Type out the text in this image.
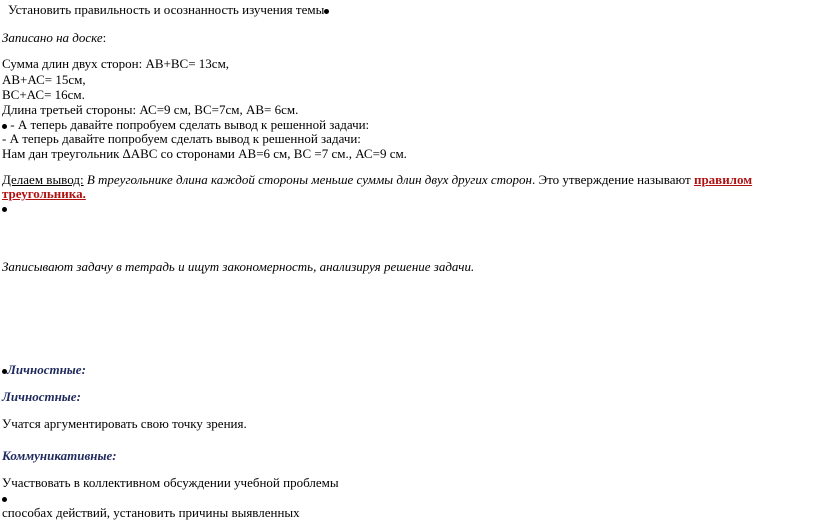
Установить правильность и осознанность изучения темы
Записано на доске:
Сумма длин двух сторон: АВ+ВС= 13см,
АВ+АС= 15см,
ВС+АС= 16см.
Длина третьей стороны: АС=9 см, ВС=7см, АВ= 6см.
- А теперь давайте попробуем сделать вывод к решенной задачи:
- А теперь давайте попробуем сделать вывод к решенной задачи:
Нам дан треугольник ∆АВС со сторонами АВ=6 см, ВС =7 см., АС=9 см.
Делаем вывод: В треугольнике длина каждой стороны меньше суммы длин двух других сторон. Это утверждение называют правилом
треугольника.
Записывают задачу в тетрадь и ищут закономерность, анализируя решение задачи.
Личностные:
Личностные:
Учатся аргументировать свою точку зрения.
Коммуникативные:
Участвовать в коллективном обсуждении учебной проблемы
способах действий, установить причины выявленных
